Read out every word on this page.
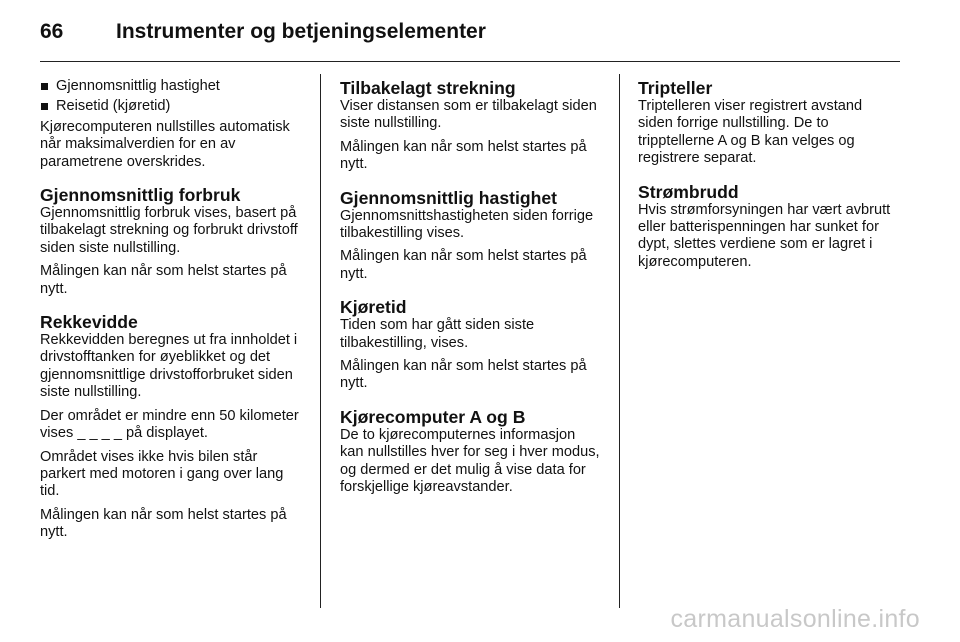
66	Instrumenter og betjeningselementer
Gjennomsnittlig hastighet
Reisetid (kjøretid)

Kjørecomputeren nullstilles automatisk når maksimalverdien for en av parametrene overskrides.

Gjennomsnittlig forbruk

Gjennomsnittlig forbruk vises, basert på tilbakelagt strekning og forbrukt drivstoff siden siste nullstilling.

Målingen kan når som helst startes på nytt.

Rekkevidde

Rekkevidden beregnes ut fra innholdet i drivstofftanken for øyeblikket og det gjennomsnittlige drivstofforbruket siden siste nullstilling.

Der området er mindre enn 50 kilometer vises _ _ _ _ på displayet.

Området vises ikke hvis bilen står parkert med motoren i gang over lang tid.

Målingen kan når som helst startes på nytt.

Tilbakelagt strekning

Viser distansen som er tilbakelagt siden siste nullstilling.

Målingen kan når som helst startes på nytt.

Gjennomsnittlig hastighet

Gjennomsnittshastigheten siden forrige tilbakestilling vises.

Målingen kan når som helst startes på nytt.

Kjøretid

Tiden som har gått siden siste tilbakestilling, vises.

Målingen kan når som helst startes på nytt.

Kjørecomputer A og B

De to kjørecomputernes informasjon kan nullstilles hver for seg i hver modus, og dermed er det mulig å vise data for forskjellige kjøreavstander.

Tripteller

Triptelleren viser registrert avstand siden forrige nullstilling. De to tripptellerne A og B kan velges og registrere separat.

Strømbrudd

Hvis strømforsyningen har vært avbrutt eller batterispenningen har sunket for dypt, slettes verdiene som er lagret i kjørecomputeren.

carmanualsonline.info
